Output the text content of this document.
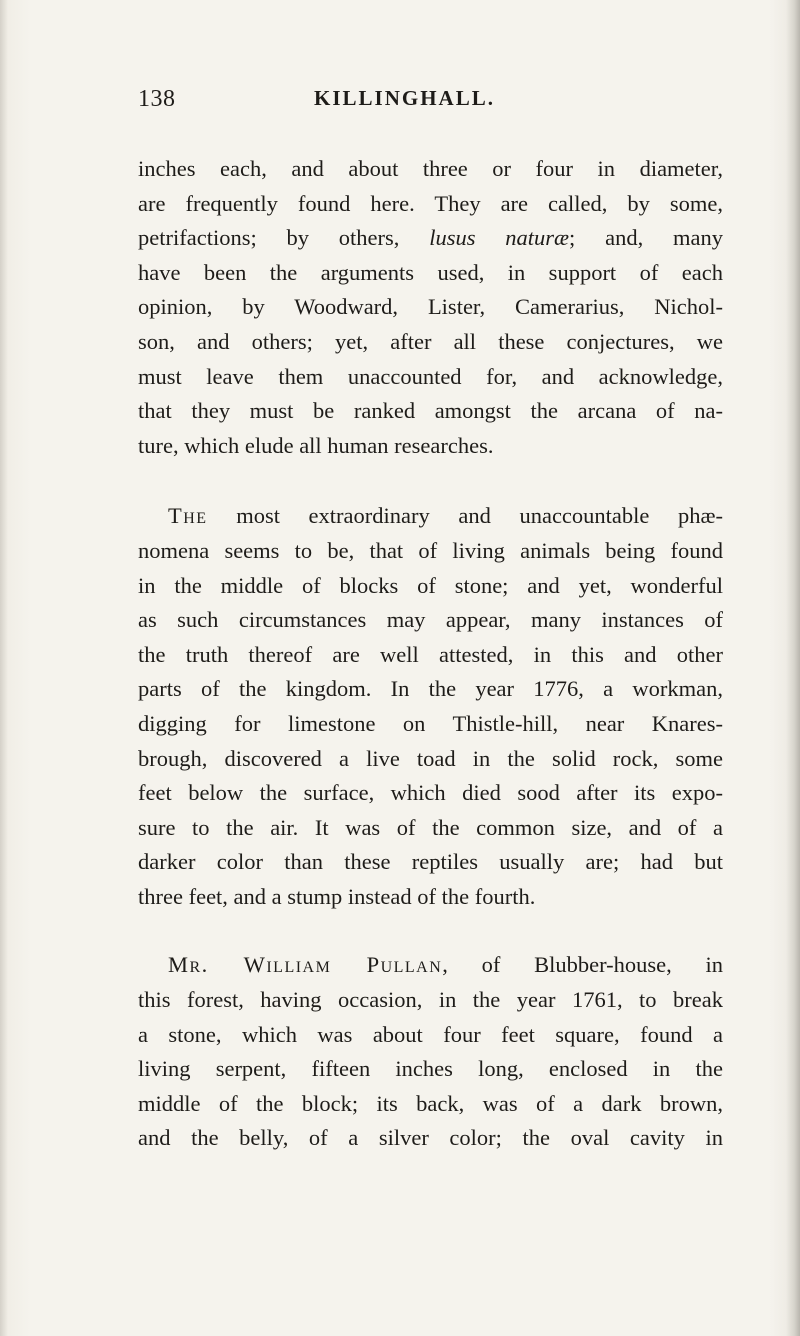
138	KILLINGHALL.
inches each, and about three or four in diameter,
are frequently found here. They are called, by some,
petrifactions; by others, lusus naturæ; and, many
have been the arguments used, in support of each
opinion, by Woodward, Lister, Camerarius, Nichol-
son, and others; yet, after all these conjectures, we
must leave them unaccounted for, and acknowledge,
that they must be ranked amongst the arcana of na-
ture, which elude all human researches.
The most extraordinary and unaccountable phæ-
nomena seems to be, that of living animals being found
in the middle of blocks of stone; and yet, wonderful
as such circumstances may appear, many instances of
the truth thereof are well attested, in this and other
parts of the kingdom. In the year 1776, a workman,
digging for limestone on Thistle-hill, near Knares-
brough, discovered a live toad in the solid rock, some
feet below the surface, which died sood after its expo-
sure to the air. It was of the common size, and of a
darker color than these reptiles usually are; had but
three feet, and a stump instead of the fourth.
Mr. William Pullan, of Blubber-house, in
this forest, having occasion, in the year 1761, to break
a stone, which was about four feet square, found a
living serpent, fifteen inches long, enclosed in the
middle of the block; its back, was of a dark brown,
and the belly, of a silver color; the oval cavity in
